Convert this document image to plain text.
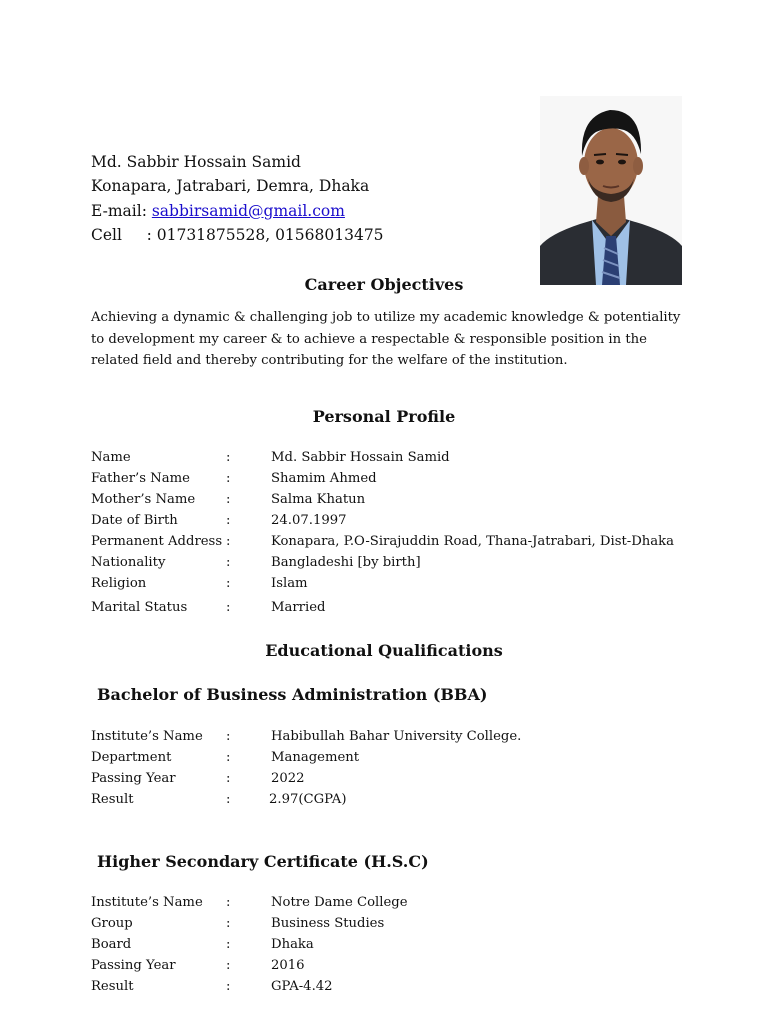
Md. Sabbir Hossain Samid
Konapara, Jatrabari, Demra, Dhaka
E-mail: sabbirsamid@gmail.com
Cell     : 01731875528, 01568013475
Career Objectives

Achieving a dynamic & challenging job to utilize my academic knowledge & potentiality to development my career & to achieve a respectable & responsible position in the related field and thereby contributing for the welfare of the institution.

Personal Profile
Name	:	Md. Sabbir Hossain Samid
Father’s Name	:	Shamim Ahmed
Mother’s Name :	Salma Khatun
Date of Birth	:	24.07.1997
Permanent Address :	Konapara, P.O-Sirajuddin Road, Thana-Jatrabari, Dist-Dhaka
Nationality	:	Bangladeshi [by birth]
Religion	:	Islam
Marital Status	:	Married
Educational Qualifications
Bachelor of Business Administration (BBA)
Institute’s Name :	Habibullah Bahar University College.
Department	:	Management
Passing Year	:	2022
Result	:	2.97(CGPA)
Higher Secondary Certificate (H.S.C)
Institute’s Name :	Notre Dame College
Group	:	Business Studies
Board	:	Dhaka
Passing Year	:	2016
Result	:	GPA-4.42
